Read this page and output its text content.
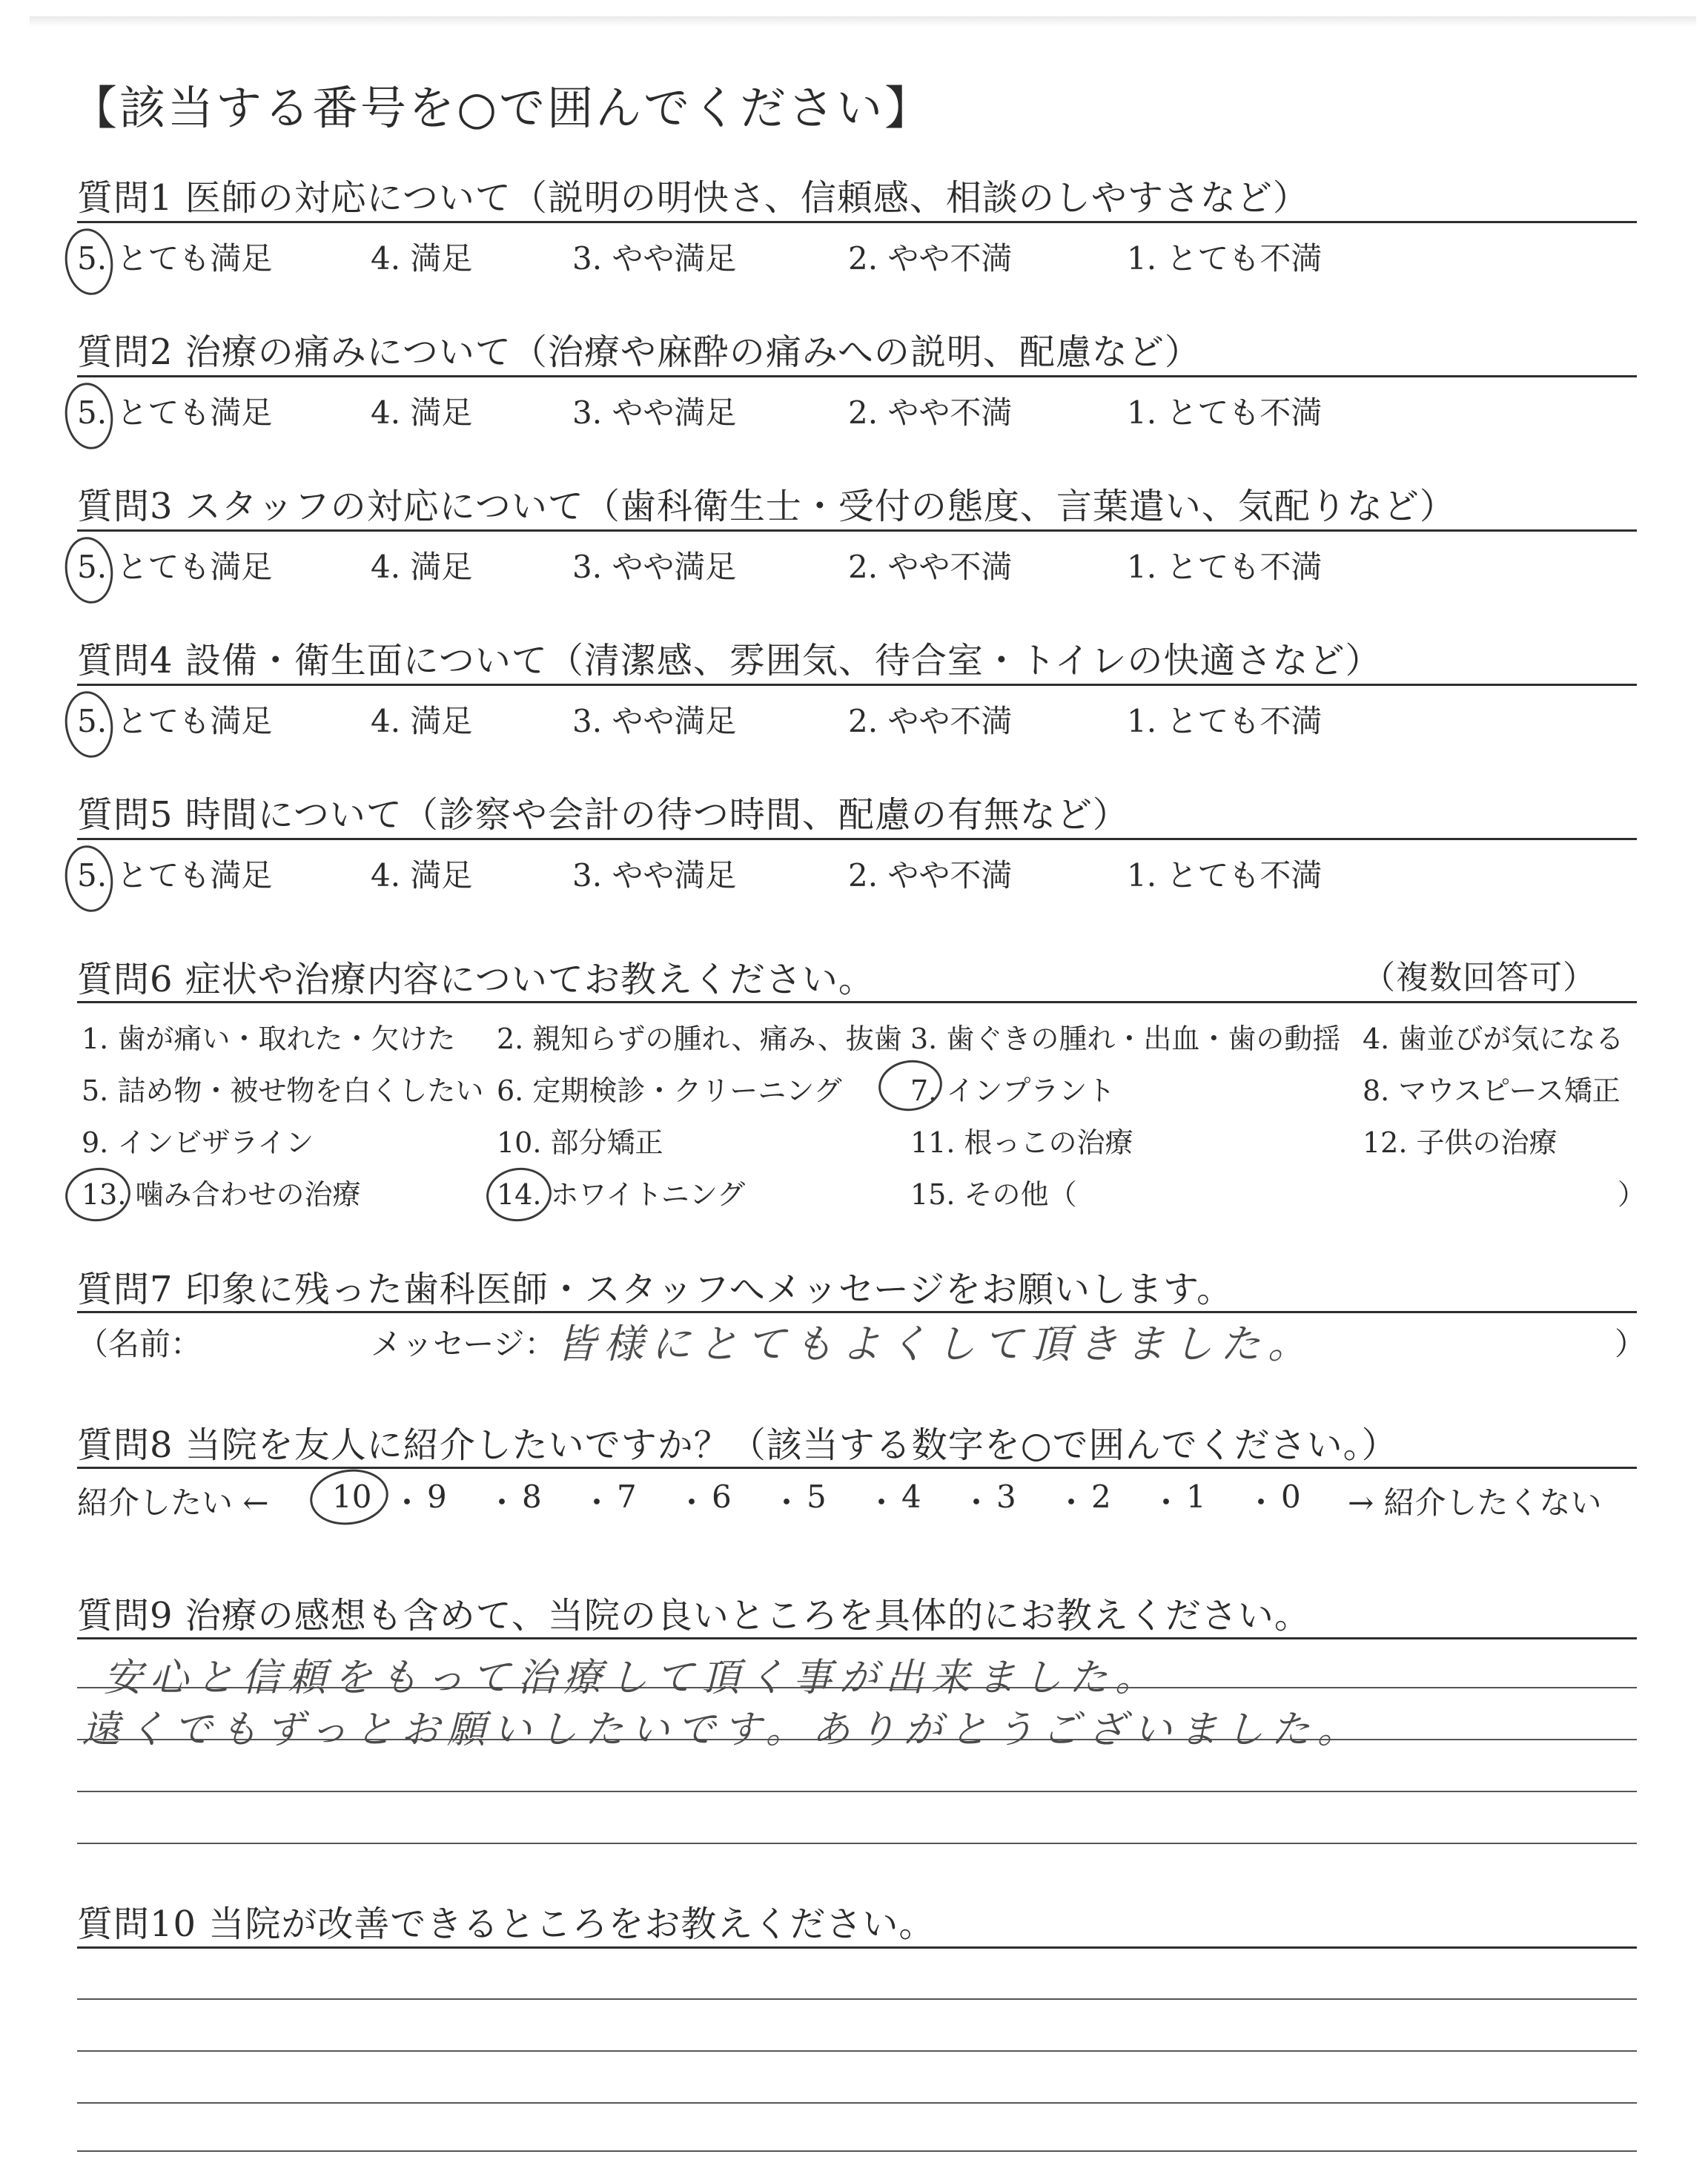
【該当する番号を○で囲んでください】
質問1 医師の対応について（説明の明快さ、信頼感、相談のしやすさなど）
5. とても満足	4. 満足	3. やや満足	2. やや不満	1. とても不満
質問2 治療の痛みについて（治療や麻酔の痛みへの説明、配慮など）
5. とても満足	4. 満足	3. やや満足	2. やや不満	1. とても不満
質問3 スタッフの対応について（歯科衛生士・受付の態度、言葉遣い、気配りなど）
5. とても満足	4. 満足	3. やや満足	2. やや不満	1. とても不満
質問4 設備・衛生面について（清潔感、雰囲気、待合室・トイレの快適さなど）
5. とても満足	4. 満足	3. やや満足	2. やや不満	1. とても不満
質問5 時間について（診察や会計の待つ時間、配慮の有無など）
5. とても満足	4. 満足	3. やや満足	2. やや不満	1. とても不満
質問6 症状や治療内容についてお教えください。	（複数回答可）
1. 歯が痛い・取れた・欠けた 2. 親知らずの腫れ、痛み、抜歯 3. 歯ぐきの腫れ・出血・歯の動揺 4. 歯並びが気になる
5. 詰め物・被せ物を白くしたい 6. 定期検診・クリーニング 7. インプラント	8. マウスピース矯正
9. インビザライン	10. 部分矯正	11. 根っこの治療	12. 子供の治療
13. 噛み合わせの治療	14. ホワイトニング	15. その他（	）
質問7 印象に残った歯科医師・スタッフへメッセージをお願いします。
（名前：	メッセージ： 皆様にとてもよくして頂きました。	）
質問8 当院を友人に紹介したいですか？（該当する数字を○で囲んでください。）
紹介したい ← 10 ・ 9 ・ 8 ・ 7 ・ 6 ・ 5 ・ 4 ・ 3 ・ 2 ・ 1 ・ 0 → 紹介したくない
質問9 治療の感想も含めて、当院の良いところを具体的にお教えください。
安心と信頼をもって治療して頂く事が出来ました。
遠くでもずっとお願いしたいです。ありがとうございました。
質問10 当院が改善できるところをお教えください。
